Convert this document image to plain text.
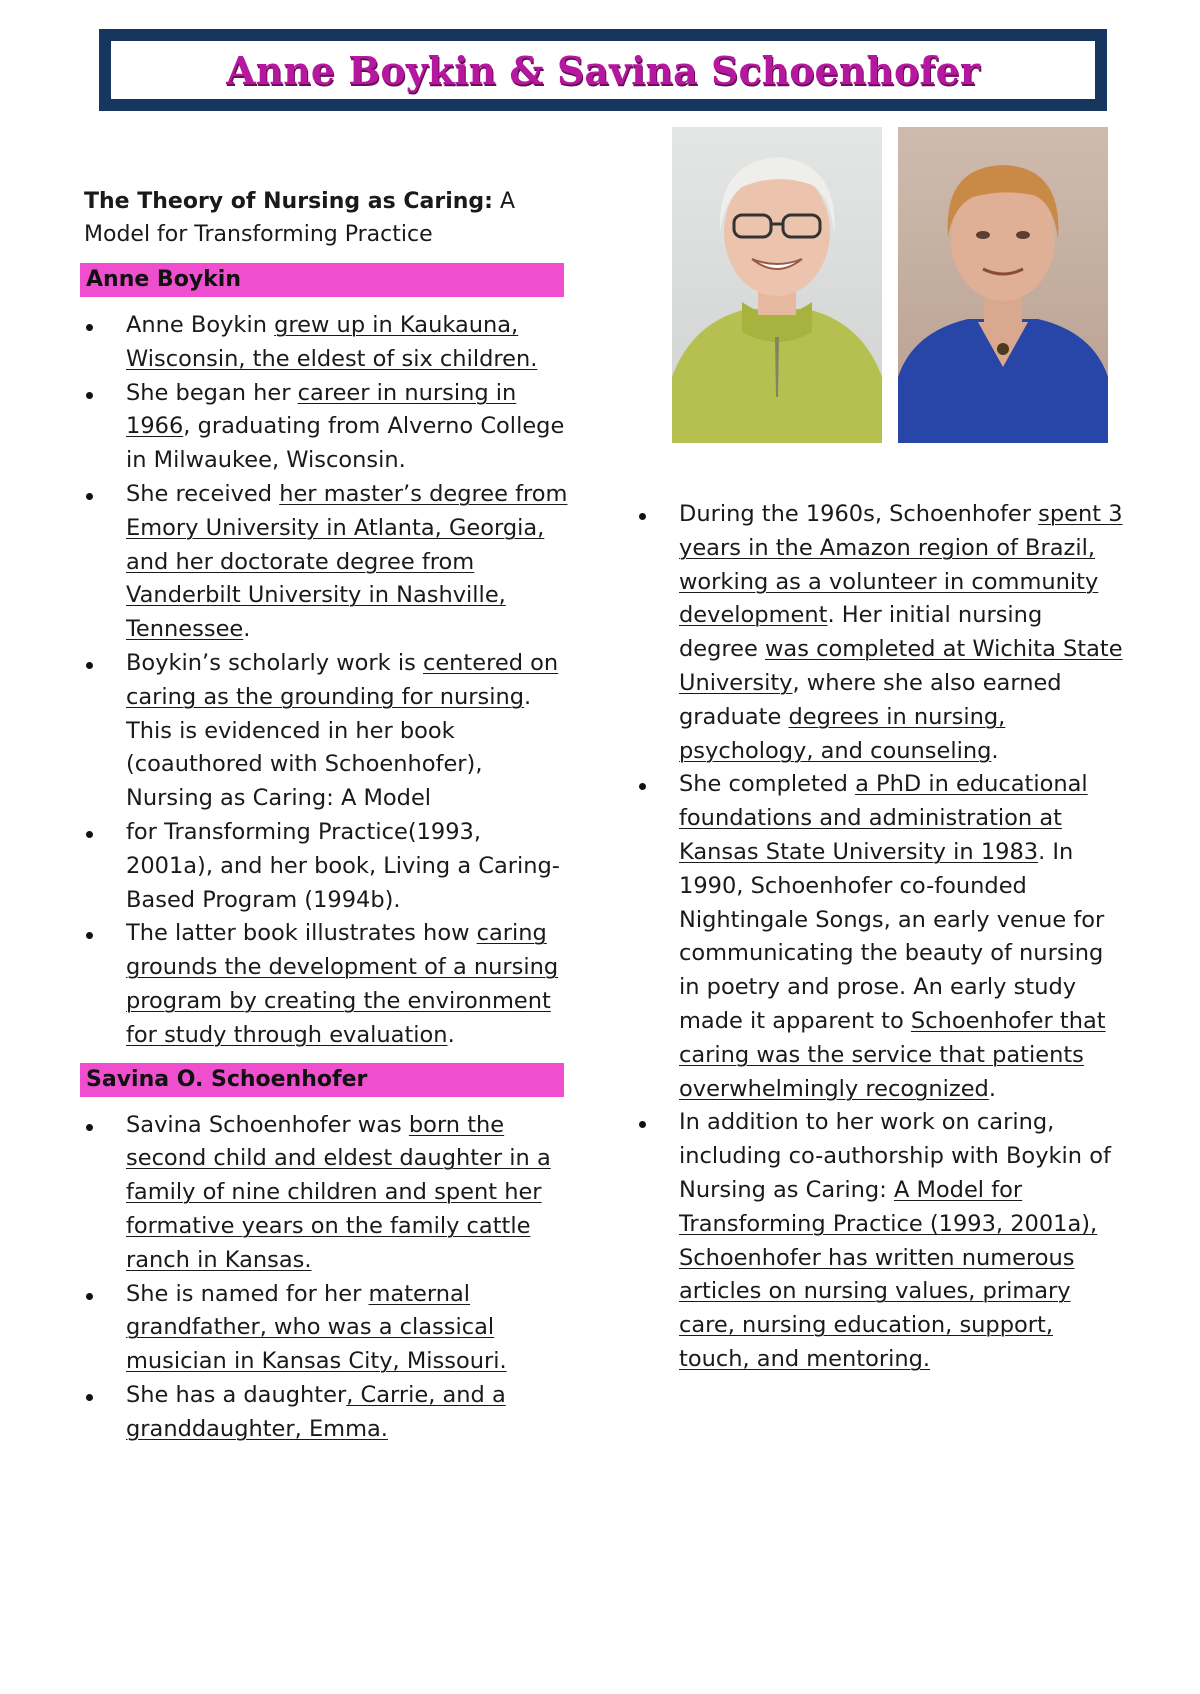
Anne Boykin & Savina Schoenhofer

The Theory of Nursing as Caring: A Model for Transforming Practice

Anne Boykin
Anne Boykin grew up in Kaukauna, Wisconsin, the eldest of six children.
She began her career in nursing in 1966, graduating from Alverno College in Milwaukee, Wisconsin.
She received her master’s degree from Emory University in Atlanta, Georgia, and her doctorate degree from Vanderbilt University in Nashville, Tennessee.
Boykin’s scholarly work is centered on caring as the grounding for nursing. This is evidenced in her book (coauthored with Schoenhofer), Nursing as Caring: A Model
for Transforming Practice(1993, 2001a), and her book, Living a Caring-Based Program (1994b).
The latter book illustrates how caring grounds the development of a nursing program by creating the environment for study through evaluation.
Savina O. Schoenhofer
Savina Schoenhofer was born the second child and eldest daughter in a family of nine children and spent her formative years on the family cattle ranch in Kansas.
She is named for her maternal grandfather, who was a classical musician in Kansas City, Missouri.
She has a daughter, Carrie, and a granddaughter, Emma.
During the 1960s, Schoenhofer spent 3 years in the Amazon region of Brazil, working as a volunteer in community development. Her initial nursing degree was completed at Wichita State University, where she also earned graduate degrees in nursing, psychology, and counseling.
She completed a PhD in educational foundations and administration at Kansas State University in 1983. In 1990, Schoenhofer co-founded Nightingale Songs, an early venue for communicating the beauty of nursing in poetry and prose. An early study made it apparent to Schoenhofer that caring was the service that patients overwhelmingly recognized.
In addition to her work on caring, including co-authorship with Boykin of Nursing as Caring: A Model for Transforming Practice (1993, 2001a), Schoenhofer has written numerous articles on nursing values, primary care, nursing education, support, touch, and mentoring.
